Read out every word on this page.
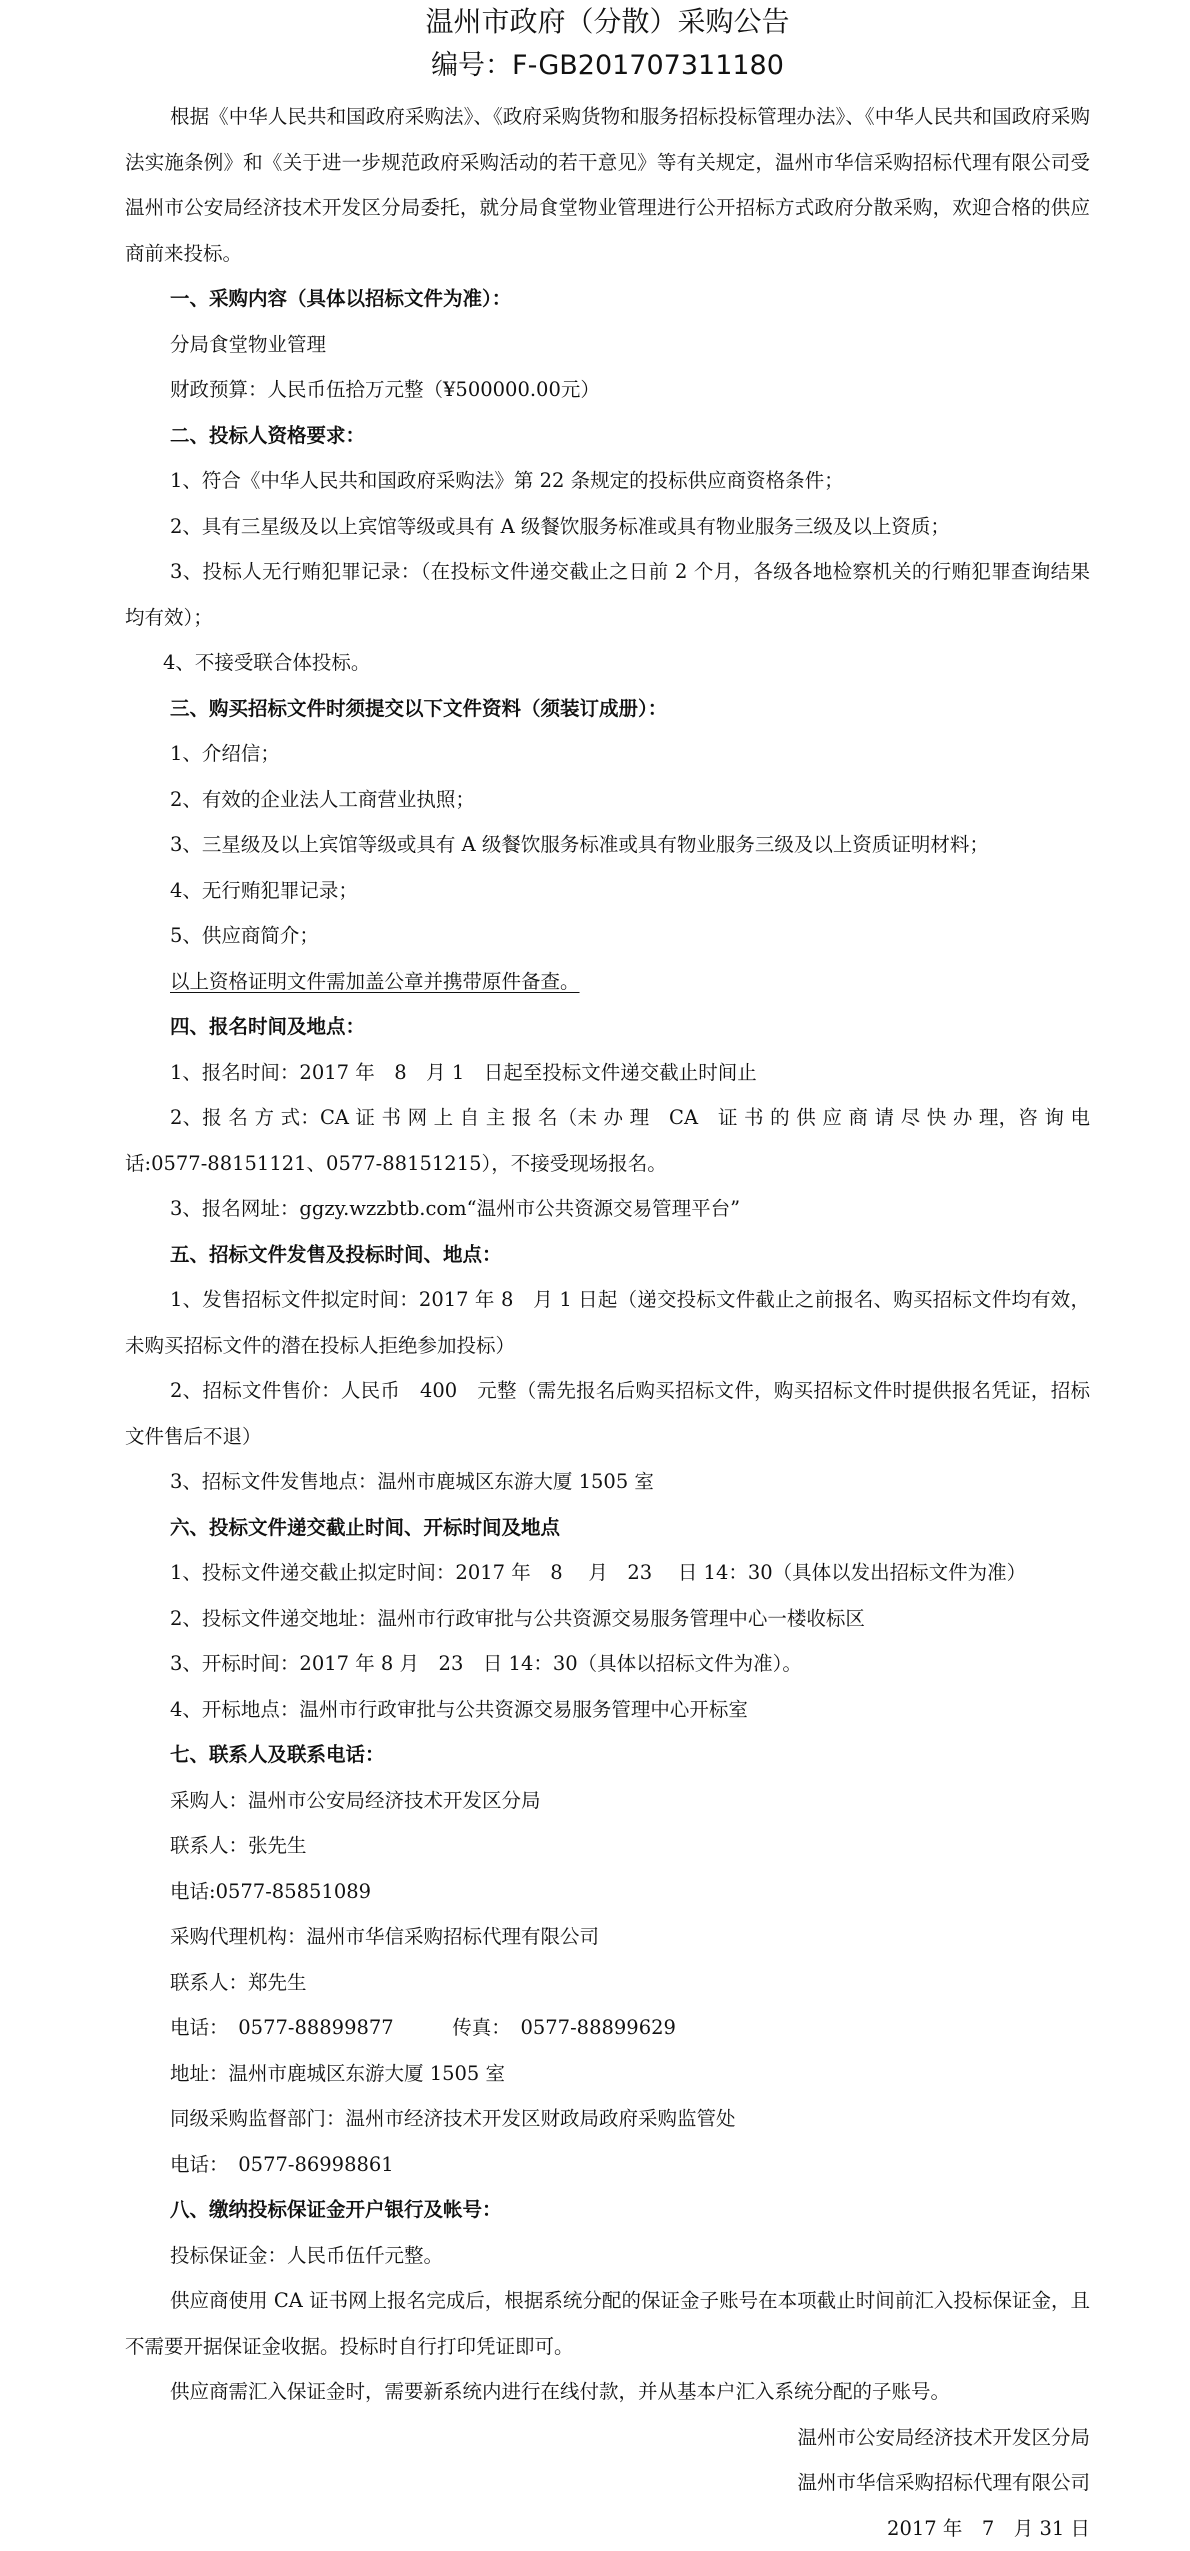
温州市政府（分散）采购公告
编号：F-GB201707311180

根据《中华人民共和国政府采购法》、《政府采购货物和服务招标投标管理办法》、《中华人民共和国政府采购法实施条例》和《关于进一步规范政府采购活动的若干意见》等有关规定，温州市华信采购招标代理有限公司受温州市公安局经济技术开发区分局委托，就分局食堂物业管理进行公开招标方式政府分散采购，欢迎合格的供应商前来投标。

一、采购内容（具体以招标文件为准）：

分局食堂物业管理

财政预算：人民币伍拾万元整（¥500000.00元）

二、投标人资格要求：

1、符合《中华人民共和国政府采购法》第 22 条规定的投标供应商资格条件；

2、具有三星级及以上宾馆等级或具有 A 级餐饮服务标准或具有物业服务三级及以上资质；

3、投标人无行贿犯罪记录：（在投标文件递交截止之日前 2 个月，各级各地检察机关的行贿犯罪查询结果均有效）；

4、不接受联合体投标。

三、购买招标文件时须提交以下文件资料（须装订成册）：

1、介绍信；

2、有效的企业法人工商营业执照；

3、三星级及以上宾馆等级或具有 A 级餐饮服务标准或具有物业服务三级及以上资质证明材料；

4、无行贿犯罪记录；

5、供应商简介；

以上资格证明文件需加盖公章并携带原件备查。

四、报名时间及地点：

1、报名时间：2017 年　8　月 1　日起至投标文件递交截止时间止

2、报 名 方 式：CA 证 书 网 上 自 主 报 名（未 办 理　CA　证 书 的 供 应 商 请 尽 快 办 理，咨 询 电 话:0577-88151121、0577-88151215），不接受现场报名。

3、报名网址：ggzy.wzzbtb.com“温州市公共资源交易管理平台”

五、招标文件发售及投标时间、地点：

1、发售招标文件拟定时间：2017 年 8　月 1 日起（递交投标文件截止之前报名、购买招标文件均有效，未购买招标文件的潜在投标人拒绝参加投标）

2、招标文件售价：人民币　400　元整（需先报名后购买招标文件，购买招标文件时提供报名凭证，招标文件售后不退）

3、招标文件发售地点：温州市鹿城区东游大厦 1505 室

六、投标文件递交截止时间、开标时间及地点

1、投标文件递交截止拟定时间：2017 年　8　 月　23　 日 14：30（具体以发出招标文件为准）

2、投标文件递交地址：温州市行政审批与公共资源交易服务管理中心一楼收标区

3、开标时间：2017 年 8 月　23　日 14：30（具体以招标文件为准）。

4、开标地点：温州市行政审批与公共资源交易服务管理中心开标室

七、联系人及联系电话：

采购人：温州市公安局经济技术开发区分局

联系人：张先生

电话:0577-85851089

采购代理机构：温州市华信采购招标代理有限公司

联系人：郑先生

电话：　0577-88899877　　　传真：　0577-88899629

地址：温州市鹿城区东游大厦 1505 室

同级采购监督部门：温州市经济技术开发区财政局政府采购监管处

电话：　0577-86998861

八、缴纳投标保证金开户银行及帐号：

投标保证金：人民币伍仟元整。

供应商使用 CA 证书网上报名完成后，根据系统分配的保证金子账号在本项截止时间前汇入投标保证金，且不需要开据保证金收据。投标时自行打印凭证即可。

供应商需汇入保证金时，需要新系统内进行在线付款，并从基本户汇入系统分配的子账号。

温州市公安局经济技术开发区分局
温州市华信采购招标代理有限公司
2017 年　7　月 31 日
